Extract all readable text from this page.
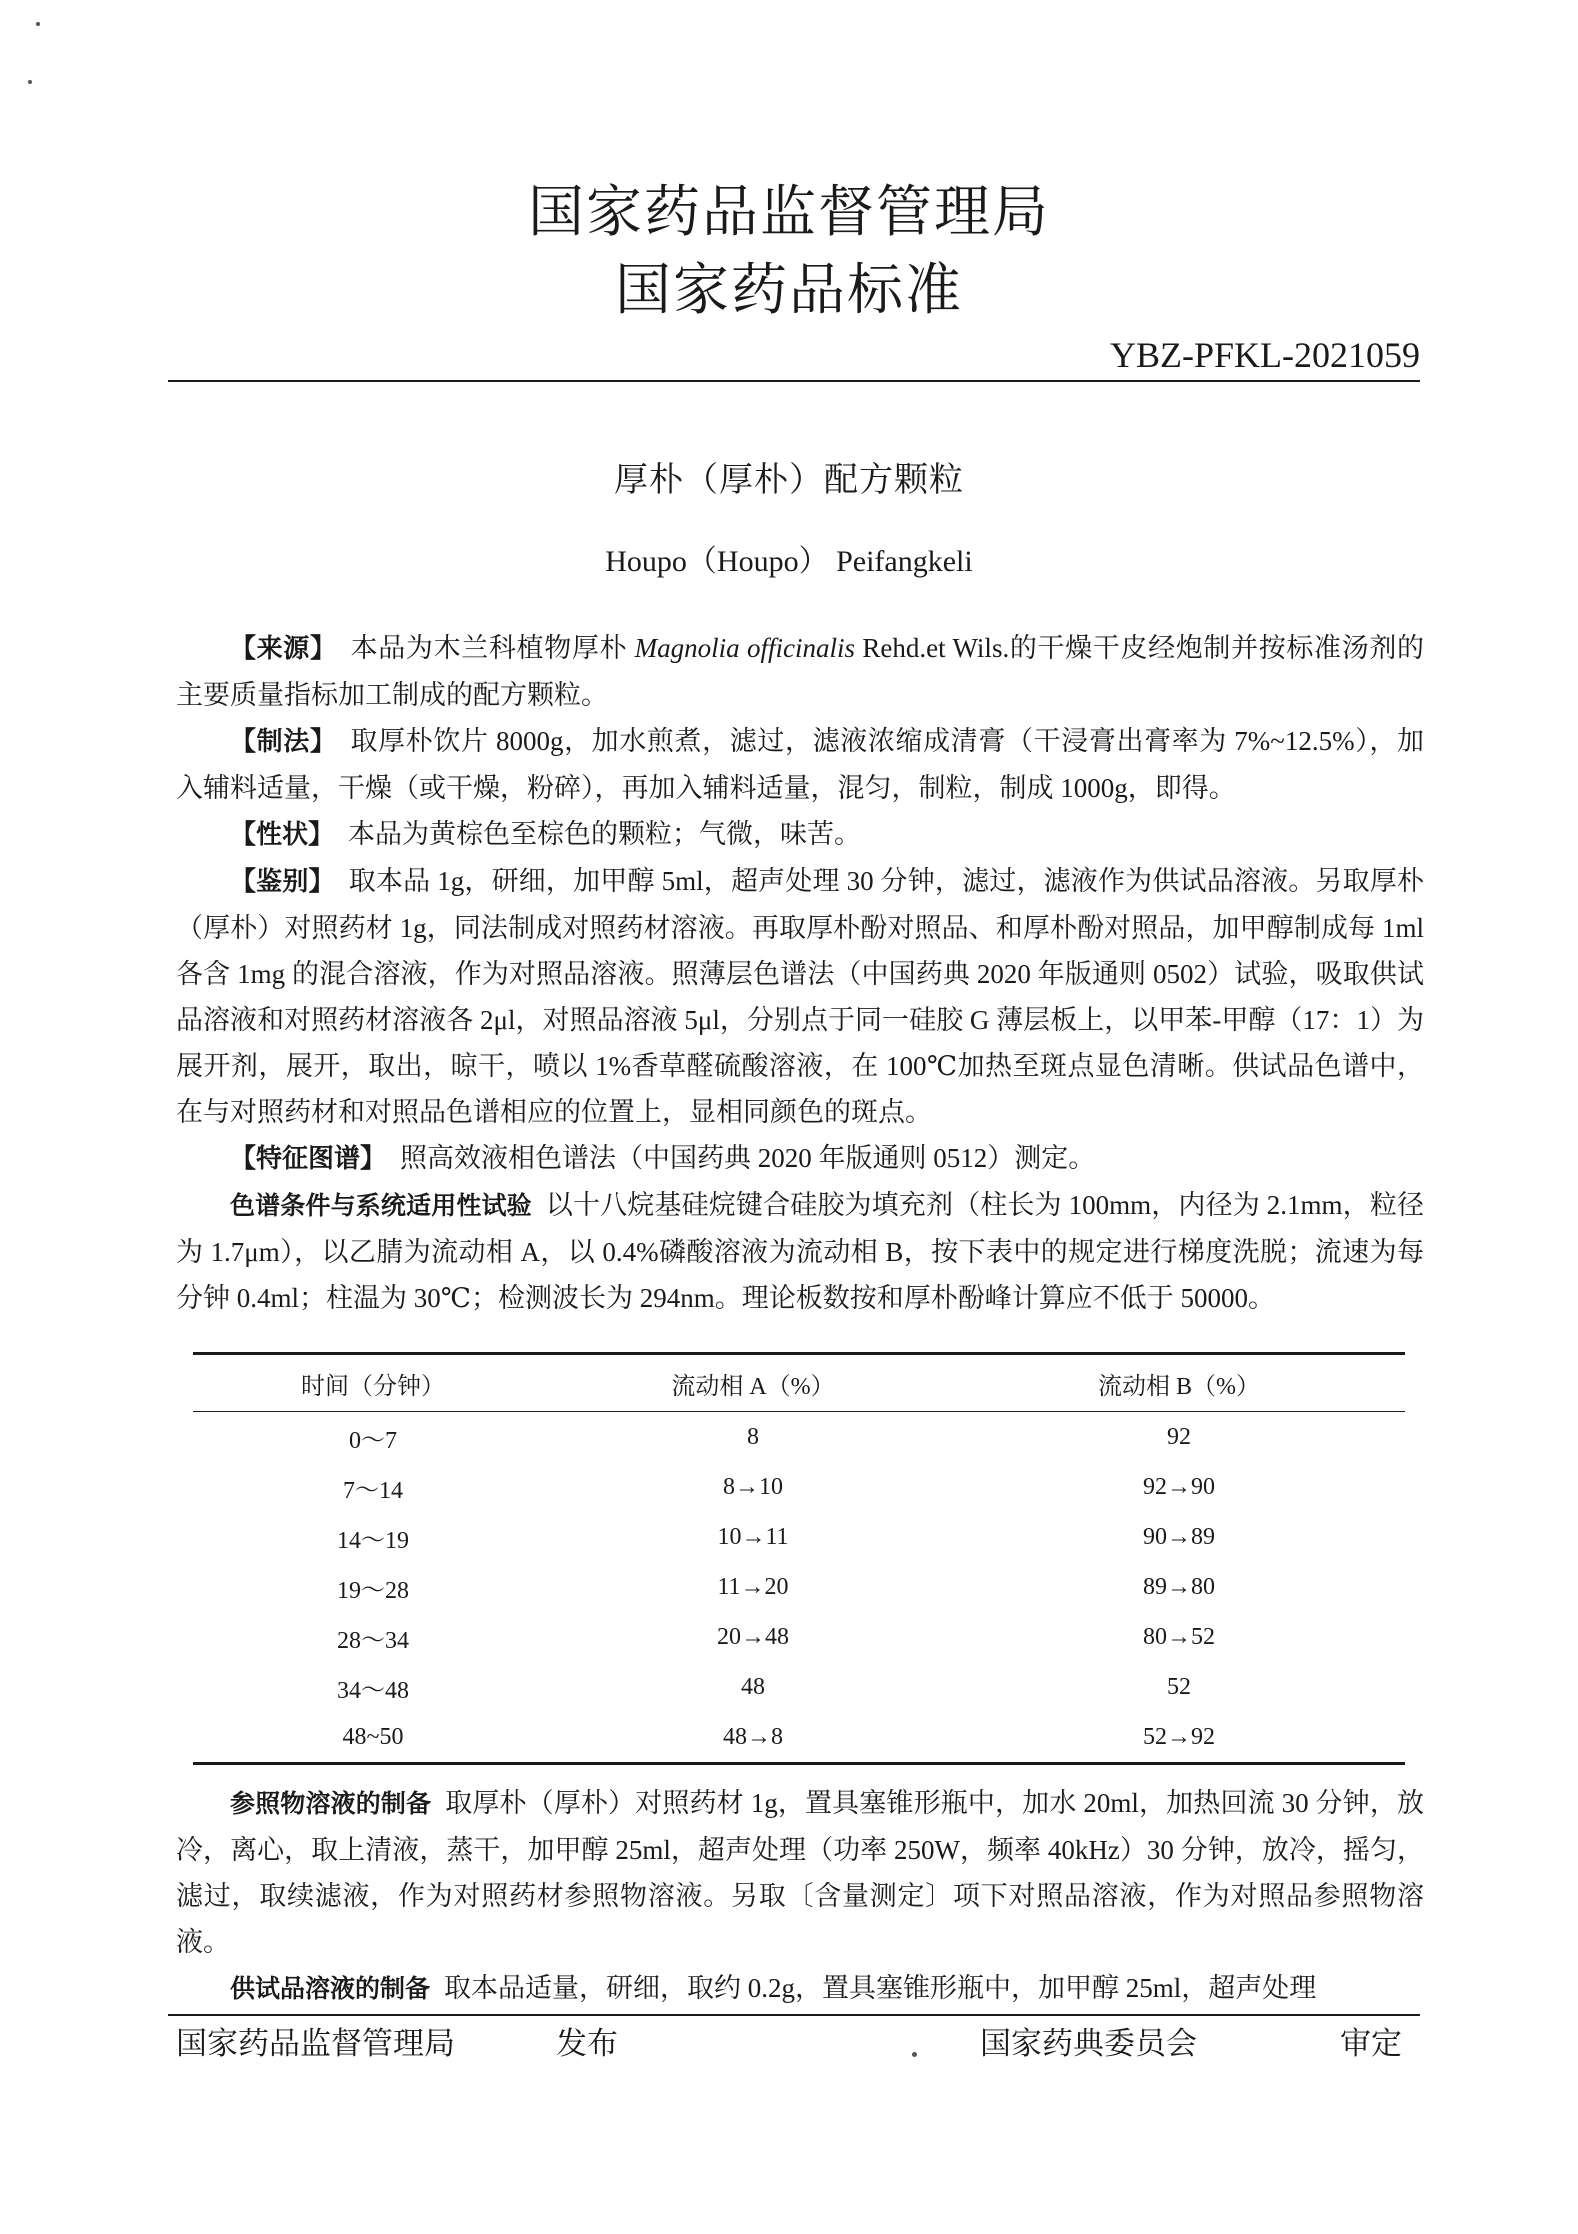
国家药品监督管理局
国家药品标准

YBZ-PFKL-2021059

厚朴（厚朴）配方颗粒

Houpo（Houpo） Peifangkeli

【来源】 本品为木兰科植物厚朴 Magnolia officinalis Rehd.et Wils.的干燥干皮经炮制并按标准汤剂的主要质量指标加工制成的配方颗粒。

【制法】 取厚朴饮片 8000g，加水煎煮，滤过，滤液浓缩成清膏（干浸膏出膏率为 7%~12.5%），加入辅料适量，干燥（或干燥，粉碎），再加入辅料适量，混匀，制粒，制成 1000g，即得。

【性状】 本品为黄棕色至棕色的颗粒；气微，味苦。

【鉴别】 取本品 1g，研细，加甲醇 5ml，超声处理 30 分钟，滤过，滤液作为供试品溶液。另取厚朴（厚朴）对照药材 1g，同法制成对照药材溶液。再取厚朴酚对照品、和厚朴酚对照品，加甲醇制成每 1ml 各含 1mg 的混合溶液，作为对照品溶液。照薄层色谱法（中国药典 2020 年版通则 0502）试验，吸取供试品溶液和对照药材溶液各 2μl，对照品溶液 5μl，分别点于同一硅胶 G 薄层板上，以甲苯-甲醇（17：1）为展开剂，展开，取出，晾干，喷以 1%香草醛硫酸溶液，在 100℃加热至斑点显色清晰。供试品色谱中，在与对照药材和对照品色谱相应的位置上，显相同颜色的斑点。

【特征图谱】 照高效液相色谱法（中国药典 2020 年版通则 0512）测定。

色谱条件与系统适用性试验 以十八烷基硅烷键合硅胶为填充剂（柱长为 100mm，内径为 2.1mm，粒径为 1.7μm），以乙腈为流动相 A，以 0.4%磷酸溶液为流动相 B，按下表中的规定进行梯度洗脱；流速为每分钟 0.4ml；柱温为 30℃；检测波长为 294nm。理论板数按和厚朴酚峰计算应不低于 50000。

时间（分钟）	流动相 A（%）	流动相 B（%）
0～7	8	92
7～14	8→10	92→90
14～19	10→11	90→89
19～28	11→20	89→80
28～34	20→48	80→52
34～48	48	52
48~50	48→8	52→92

参照物溶液的制备 取厚朴（厚朴）对照药材 1g，置具塞锥形瓶中，加水 20ml，加热回流 30 分钟，放冷，离心，取上清液，蒸干，加甲醇 25ml，超声处理（功率 250W，频率 40kHz）30 分钟，放冷，摇匀，滤过，取续滤液，作为对照药材参照物溶液。另取〔含量测定〕项下对照品溶液，作为对照品参照物溶液。

供试品溶液的制备 取本品适量，研细，取约 0.2g，置具塞锥形瓶中，加甲醇 25ml，超声处理

国家药品监督管理局	发布	国家药典委员会	审定
